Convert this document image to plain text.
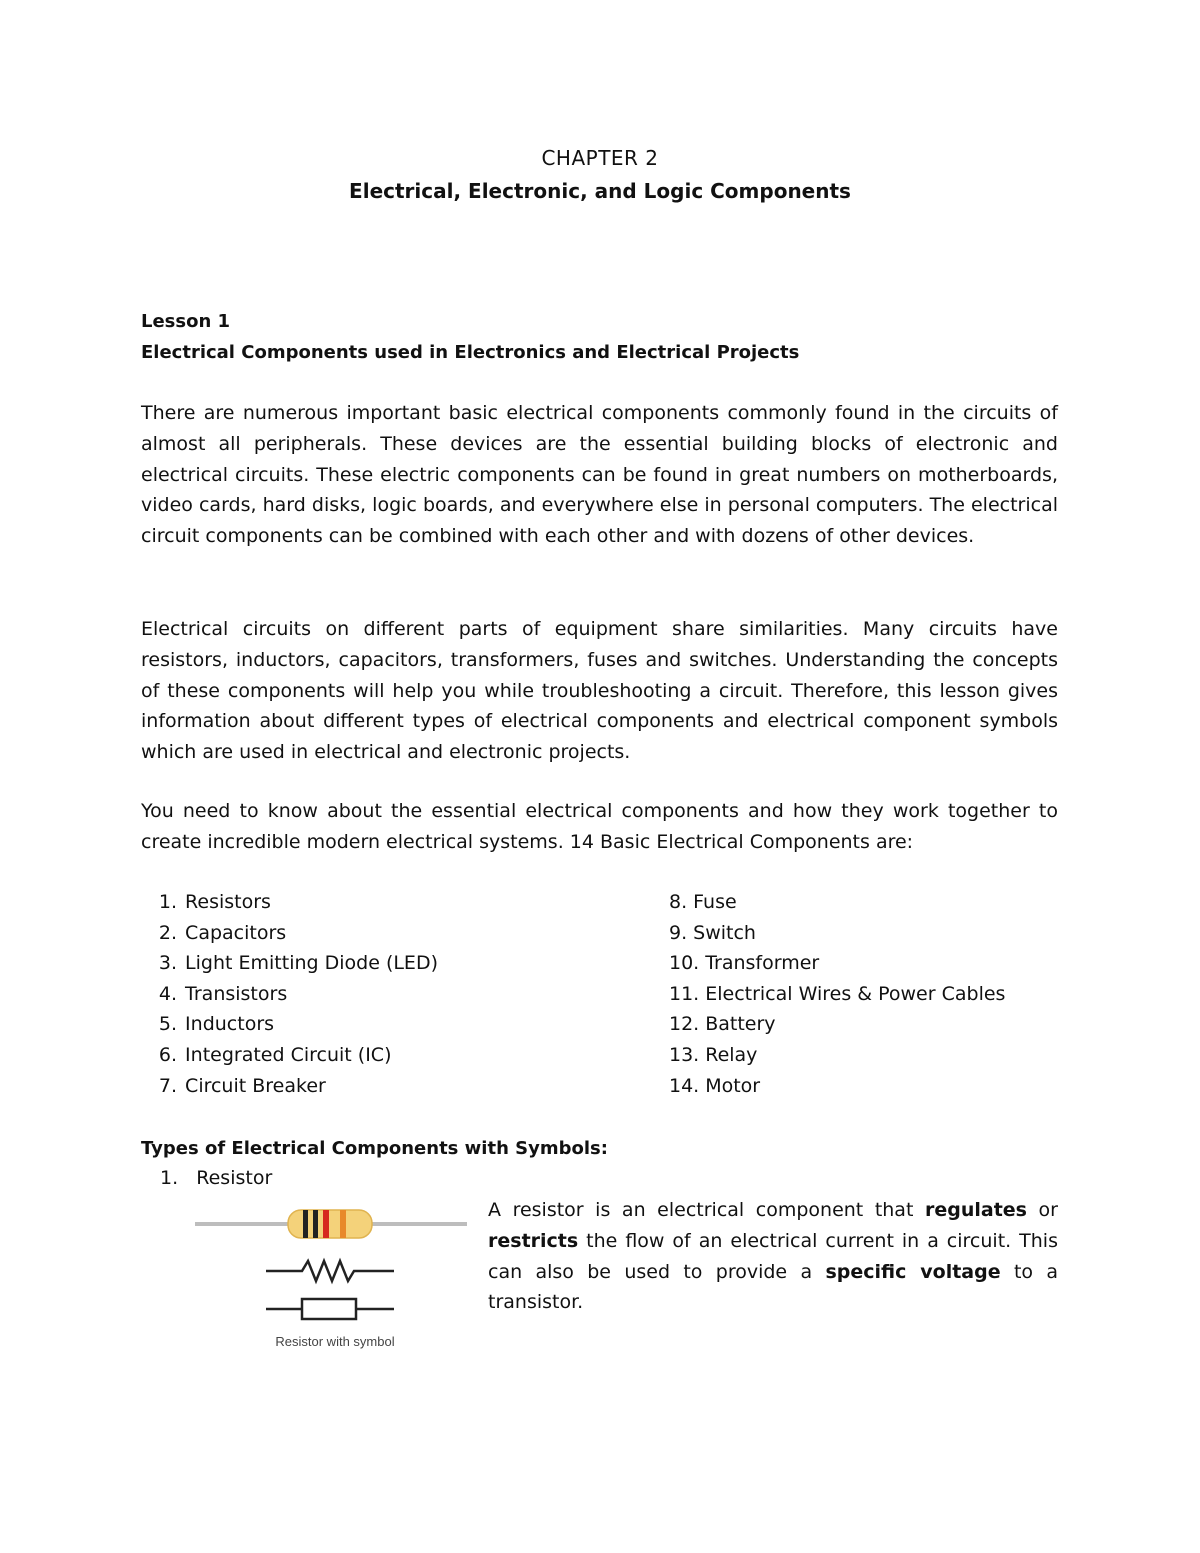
CHAPTER 2
Electrical, Electronic, and Logic Components
Lesson 1
Electrical Components used in Electronics and Electrical Projects
There are numerous important basic electrical components commonly found in the circuits of almost all peripherals. These devices are the essential building blocks of electronic and electrical circuits. These electric components can be found in great numbers on motherboards, video cards, hard disks, logic boards, and everywhere else in personal computers. The electrical circuit components can be combined with each other and with dozens of other devices.
Electrical circuits on different parts of equipment share similarities. Many circuits have resistors, inductors, capacitors, transformers, fuses and switches. Understanding the concepts of these components will help you while troubleshooting a circuit. Therefore, this lesson gives information about different types of electrical components and electrical component symbols which are used in electrical and electronic projects.
You need to know about the essential electrical components and how they work together to create incredible modern electrical systems. 14 Basic Electrical Components are:
1. Resistors
2. Capacitors
3. Light Emitting Diode (LED)
4. Transistors
5. Inductors
6. Integrated Circuit (IC)
7. Circuit Breaker
8. Fuse
9. Switch
10. Transformer
11. Electrical Wires & Power Cables
12. Battery
13. Relay
14. Motor
Types of Electrical Components with Symbols:
1. Resistor
Resistor with symbol
A resistor is an electrical component that regulates or restricts the flow of an electrical current in a circuit. This can also be used to provide a specific voltage to a transistor.
